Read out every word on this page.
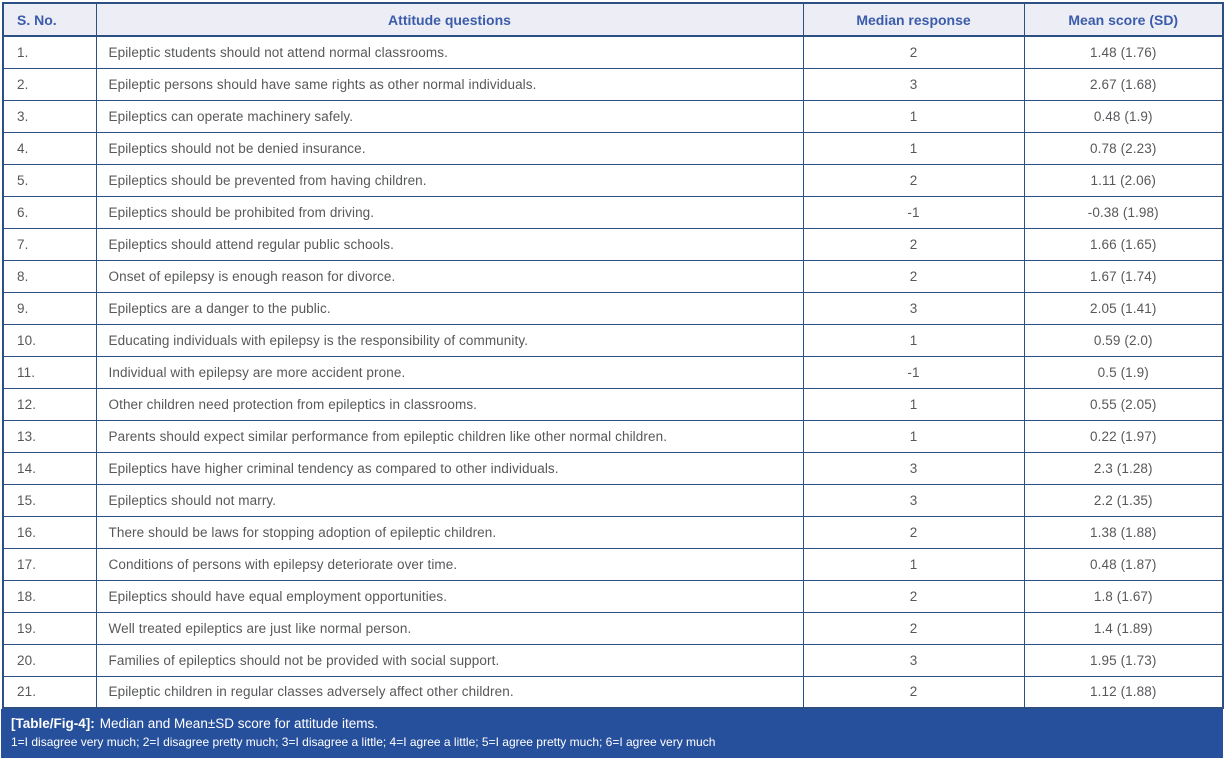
S. No.	Attitude questions	Median response	Mean score (SD)
1.	Epileptic students should not attend normal classrooms.	2	1.48 (1.76)
2.	Epileptic persons should have same rights as other normal individuals.	3	2.67 (1.68)
3.	Epileptics can operate machinery safely.	1	0.48 (1.9)
4.	Epileptics should not be denied insurance.	1	0.78 (2.23)
5.	Epileptics should be prevented from having children.	2	1.11 (2.06)
6.	Epileptics should be prohibited from driving.	-1	-0.38 (1.98)
7.	Epileptics should attend regular public schools.	2	1.66 (1.65)
8.	Onset of epilepsy is enough reason for divorce.	2	1.67 (1.74)
9.	Epileptics are a danger to the public.	3	2.05 (1.41)
10.	Educating individuals with epilepsy is the responsibility of community.	1	0.59 (2.0)
11.	Individual with epilepsy are more accident prone.	-1	0.5 (1.9)
12.	Other children need protection from epileptics in classrooms.	1	0.55 (2.05)
13.	Parents should expect similar performance from epileptic children like other normal children.	1	0.22 (1.97)
14.	Epileptics have higher criminal tendency as compared to other individuals.	3	2.3 (1.28)
15.	Epileptics should not marry.	3	2.2 (1.35)
16.	There should be laws for stopping adoption of epileptic children.	2	1.38 (1.88)
17.	Conditions of persons with epilepsy deteriorate over time.	1	0.48 (1.87)
18.	Epileptics should have equal employment opportunities.	2	1.8 (1.67)
19.	Well treated epileptics are just like normal person.	2	1.4 (1.89)
20.	Families of epileptics should not be provided with social support.	3	1.95 (1.73)
21.	Epileptic children in regular classes adversely affect other children.	2	1.12 (1.88)
[Table/Fig-4]: Median and Mean±SD score for attitude items.
1=I disagree very much; 2=I disagree pretty much; 3=I disagree a little; 4=I agree a little; 5=I agree pretty much; 6=I agree very much
